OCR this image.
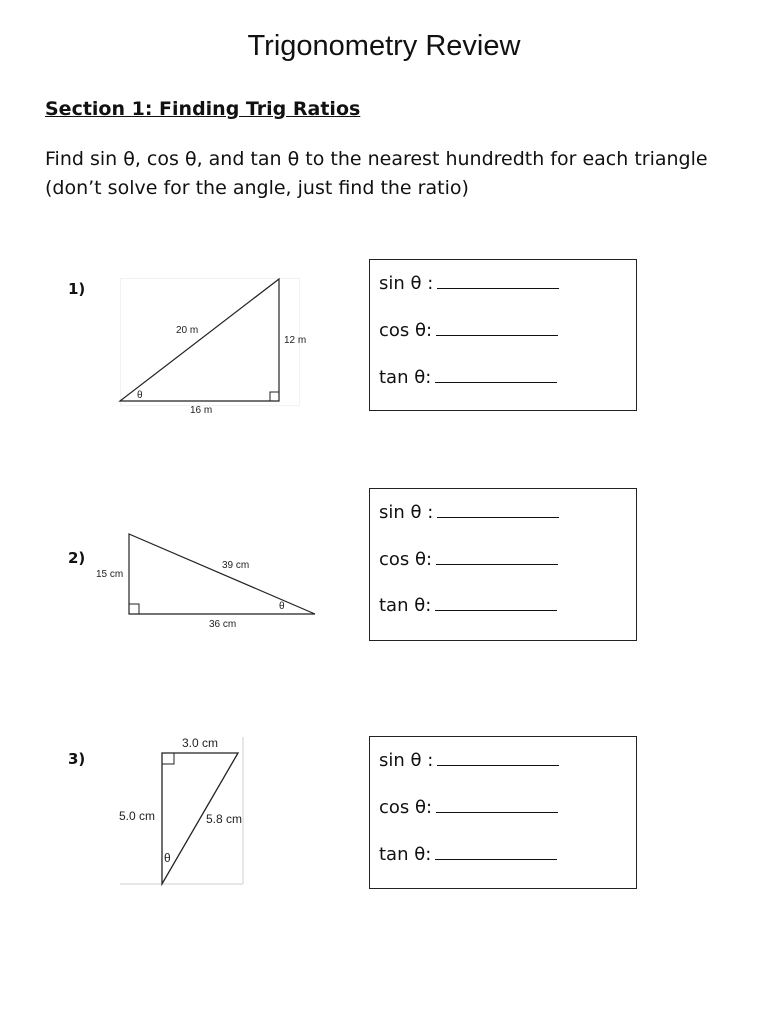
Trigonometry Review
Section 1: Finding Trig Ratios
Find sin θ, cos θ, and tan θ to the nearest hundredth for each triangle
(don’t solve for the angle, just find the ratio)
1)
20 m
12 m
16 m
θ
sin θ :
cos θ:
tan θ:
2)
15 cm
39 cm
36 cm
θ
sin θ :
cos θ:
tan θ:
3)
3.0 cm
5.0 cm	5.8 cm
θ
sin θ :
cos θ:
tan θ:
